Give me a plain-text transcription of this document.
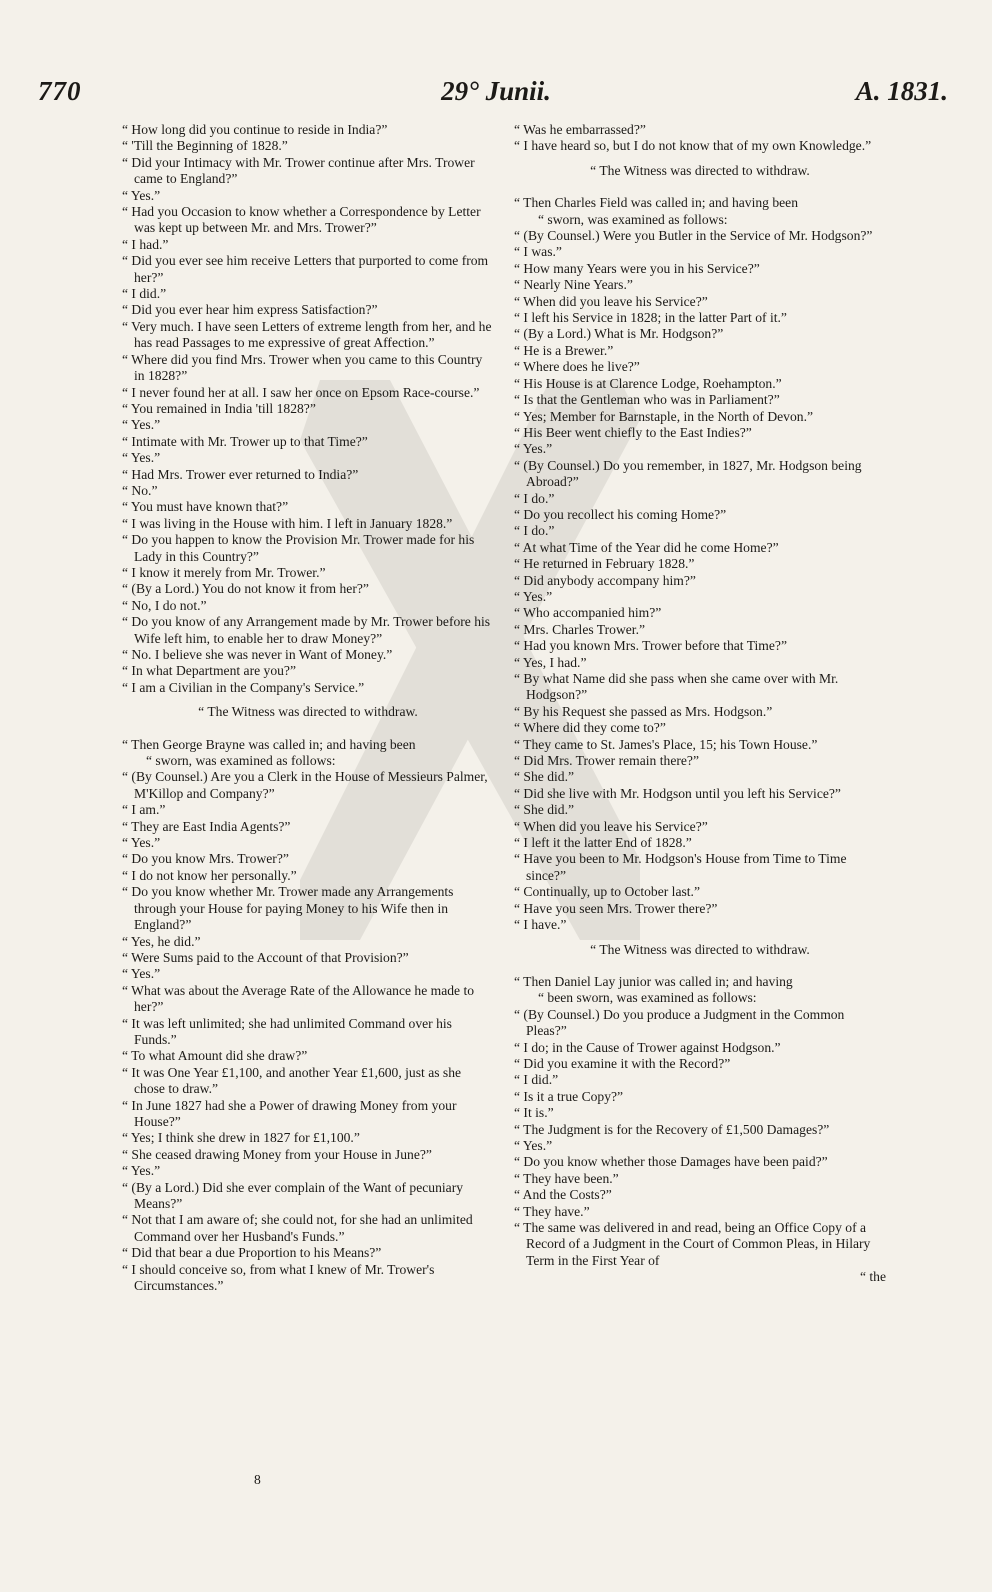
770	29° Junii.	A. 1831.

“ How long did you continue to reside in India?”

“ 'Till the Beginning of 1828.”

“ Did your Intimacy with Mr. Trower continue after Mrs. Trower came to England?”

“ Yes.”

“ Had you Occasion to know whether a Correspondence by Letter was kept up between Mr. and Mrs. Trower?”

“ I had.”

“ Did you ever see him receive Letters that purported to come from her?”

“ I did.”

“ Did you ever hear him express Satisfaction?”

“ Very much. I have seen Letters of extreme length from her, and he has read Passages to me expressive of great Affection.”

“ Where did you find Mrs. Trower when you came to this Country in 1828?”

“ I never found her at all. I saw her once on Epsom Race-course.”

“ You remained in India 'till 1828?”

“ Yes.”

“ Intimate with Mr. Trower up to that Time?”

“ Yes.”

“ Had Mrs. Trower ever returned to India?”

“ No.”

“ You must have known that?”

“ I was living in the House with him. I left in January 1828.”

“ Do you happen to know the Provision Mr. Trower made for his Lady in this Country?”

“ I know it merely from Mr. Trower.”

“ (By a Lord.) You do not know it from her?”

“ No, I do not.”

“ Do you know of any Arrangement made by Mr. Trower before his Wife left him, to enable her to draw Money?”

“ No. I believe she was never in Want of Money.”

“ In what Department are you?”

“ I am a Civilian in the Company's Service.”

“ The Witness was directed to withdraw.

“ Then George Brayne was called in; and having been
“ sworn, was examined as follows:

“ (By Counsel.) Are you a Clerk in the House of Messieurs Palmer, M'Killop and Company?”

“ I am.”

“ They are East India Agents?”

“ Yes.”

“ Do you know Mrs. Trower?”

“ I do not know her personally.”

“ Do you know whether Mr. Trower made any Arrangements through your House for paying Money to his Wife then in England?”

“ Yes, he did.”

“ Were Sums paid to the Account of that Provision?”

“ Yes.”

“ What was about the Average Rate of the Allowance he made to her?”

“ It was left unlimited; she had unlimited Command over his Funds.”

“ To what Amount did she draw?”

“ It was One Year £1,100, and another Year £1,600, just as she chose to draw.”

“ In June 1827 had she a Power of drawing Money from your House?”

“ Yes; I think she drew in 1827 for £1,100.”

“ She ceased drawing Money from your House in June?”

“ Yes.”

“ (By a Lord.) Did she ever complain of the Want of pecuniary Means?”

“ Not that I am aware of; she could not, for she had an unlimited Command over her Husband's Funds.”

“ Did that bear a due Proportion to his Means?”

“ I should conceive so, from what I knew of Mr. Trower's Circumstances.”

8

“ Was he embarrassed?”

“ I have heard so, but I do not know that of my own Knowledge.”

“ The Witness was directed to withdraw.

“ Then Charles Field was called in; and having been
“ sworn, was examined as follows:

“ (By Counsel.) Were you Butler in the Service of Mr. Hodgson?”

“ I was.”

“ How many Years were you in his Service?”

“ Nearly Nine Years.”

“ When did you leave his Service?”

“ I left his Service in 1828; in the latter Part of it.”

“ (By a Lord.) What is Mr. Hodgson?”

“ He is a Brewer.”

“ Where does he live?”

“ His House is at Clarence Lodge, Roehampton.”

“ Is that the Gentleman who was in Parliament?”

“ Yes; Member for Barnstaple, in the North of Devon.”

“ His Beer went chiefly to the East Indies?”

“ Yes.”

“ (By Counsel.) Do you remember, in 1827, Mr. Hodgson being Abroad?”

“ I do.”

“ Do you recollect his coming Home?”

“ I do.”

“ At what Time of the Year did he come Home?”

“ He returned in February 1828.”

“ Did anybody accompany him?”

“ Yes.”

“ Who accompanied him?”

“ Mrs. Charles Trower.”

“ Had you known Mrs. Trower before that Time?”

“ Yes, I had.”

“ By what Name did she pass when she came over with Mr. Hodgson?”

“ By his Request she passed as Mrs. Hodgson.”

“ Where did they come to?”

“ They came to St. James's Place, 15; his Town House.”

“ Did Mrs. Trower remain there?”

“ She did.”

“ Did she live with Mr. Hodgson until you left his Service?”

“ She did.”

“ When did you leave his Service?”

“ I left it the latter End of 1828.”

“ Have you been to Mr. Hodgson's House from Time to Time since?”

“ Continually, up to October last.”

“ Have you seen Mrs. Trower there?”

“ I have.”

“ The Witness was directed to withdraw.

“ Then Daniel Lay junior was called in; and having
“ been sworn, was examined as follows:

“ (By Counsel.) Do you produce a Judgment in the Common Pleas?”

“ I do; in the Cause of Trower against Hodgson.”

“ Did you examine it with the Record?”

“ I did.”

“ Is it a true Copy?”

“ It is.”

“ The Judgment is for the Recovery of £1,500 Damages?”

“ Yes.”

“ Do you know whether those Damages have been paid?”

“ They have been.”

“ And the Costs?”

“ They have.”

“ The same was delivered in and read, being an Office Copy of a Record of a Judgment in the Court of Common Pleas, in Hilary Term in the First Year of

“ the
